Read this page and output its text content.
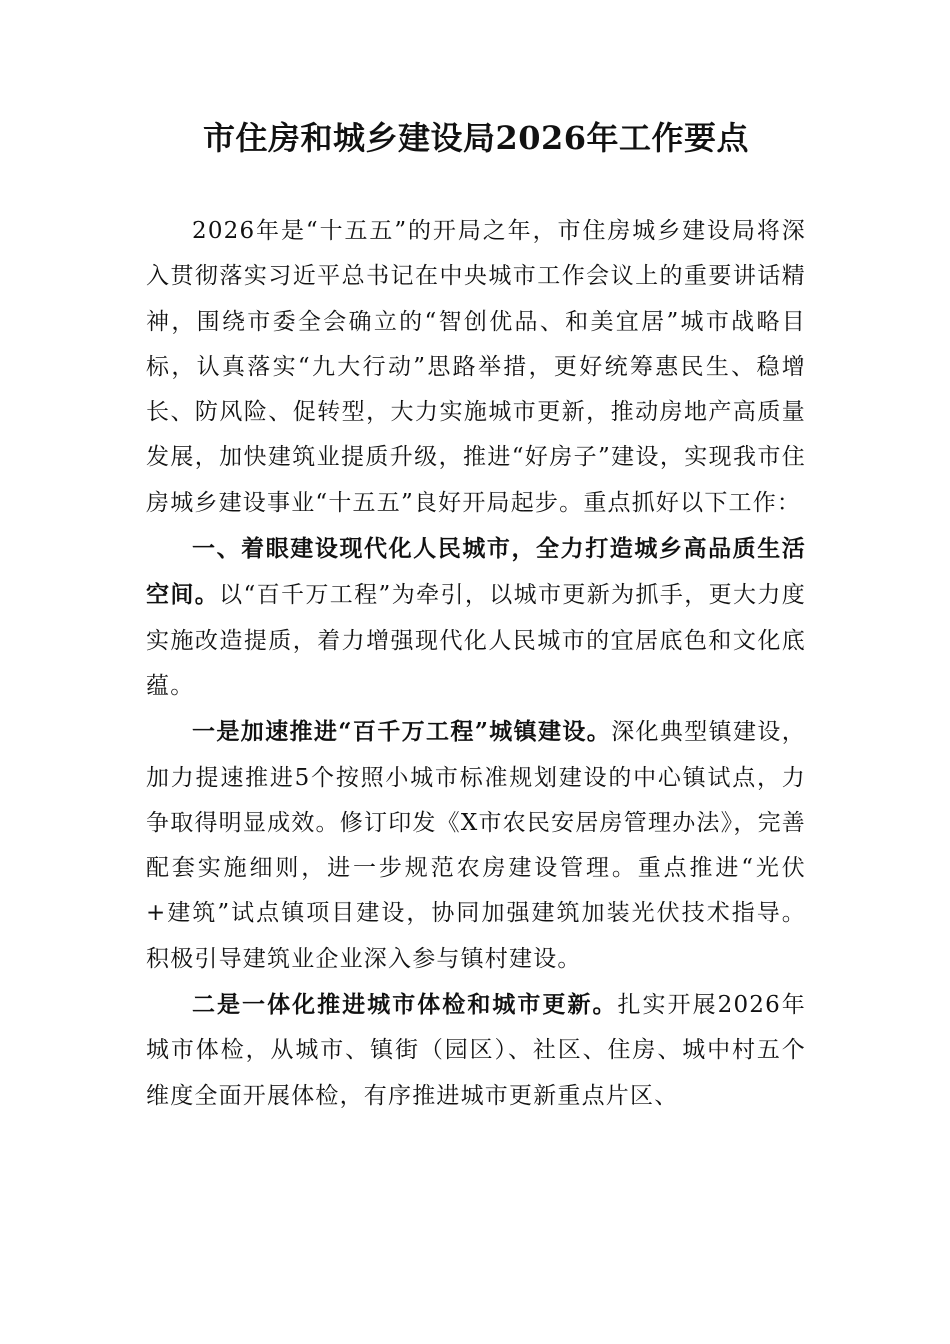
市住房和城乡建设局2026年工作要点

2026年是“十五五”的开局之年，市住房城乡建设局将深入贯彻落实习近平总书记在中央城市工作会议上的重要讲话精神，围绕市委全会确立的“智创优品、和美宜居”城市战略目标，认真落实“九大行动”思路举措，更好统筹惠民生、稳增长、防风险、促转型，大力实施城市更新，推动房地产高质量发展，加快建筑业提质升级，推进“好房子”建设，实现我市住房城乡建设事业“十五五”良好开局起步。重点抓好以下工作：

一、着眼建设现代化人民城市，全力打造城乡高品质生活空间。以“百千万工程”为牵引，以城市更新为抓手，更大力度实施改造提质，着力增强现代化人民城市的宜居底色和文化底蕴。

一是加速推进“百千万工程”城镇建设。深化典型镇建设，加力提速推进5个按照小城市标准规划建设的中心镇试点，力争取得明显成效。修订印发《X市农民安居房管理办法》，完善配套实施细则，进一步规范农房建设管理。重点推进“光伏+建筑”试点镇项目建设，协同加强建筑加装光伏技术指导。积极引导建筑业企业深入参与镇村建设。

二是一体化推进城市体检和城市更新。扎实开展2026年城市体检，从城市、镇街（园区）、社区、住房、城中村五个维度全面开展体检，有序推进城市更新重点片区、
